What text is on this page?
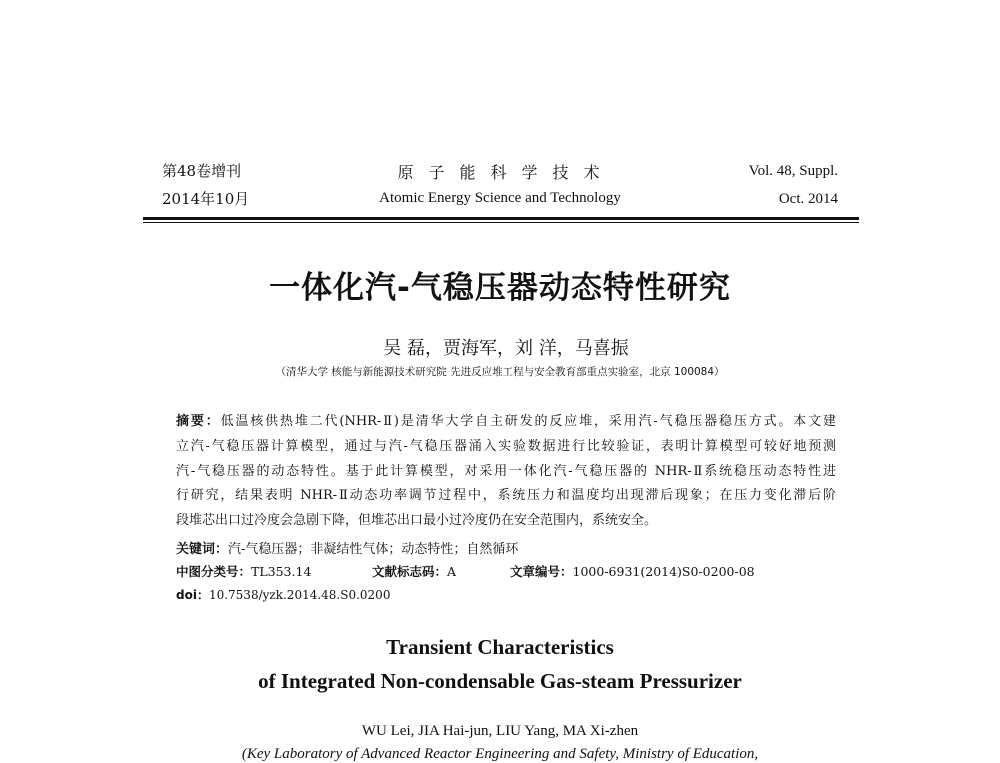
第48卷增刊
2014年10月
原子能科学技术
Atomic Energy Science and Technology
Vol. 48, Suppl.
Oct. 2014
一体化汽-气稳压器动态特性研究
吴 磊，贾海军，刘 洋，马喜振
（清华大学 核能与新能源技术研究院 先进反应堆工程与安全教育部重点实验室，北京 100084）
摘要：低温核供热堆二代(NHR-Ⅱ)是清华大学自主研发的反应堆，采用汽-气稳压器稳压方式。本文建
立汽-气稳压器计算模型，通过与汽-气稳压器涌入实验数据进行比较验证，表明计算模型可较好地预测
汽-气稳压器的动态特性。基于此计算模型，对采用一体化汽-气稳压器的 NHR-Ⅱ系统稳压动态特性进
行研究，结果表明 NHR-Ⅱ动态功率调节过程中，系统压力和温度均出现滞后现象；在压力变化滞后阶
段堆芯出口过冷度会急剧下降，但堆芯出口最小过冷度仍在安全范围内，系统安全。
关键词：汽-气稳压器；非凝结性气体；动态特性；自然循环
中图分类号：TL353.14	文献标志码：A	文章编号：1000-6931(2014)S0-0200-08
doi：10.7538/yzk.2014.48.S0.0200
Transient Characteristics
of Integrated Non-condensable Gas-steam Pressurizer
WU Lei, JIA Hai-jun, LIU Yang, MA Xi-zhen
(Key Laboratory of Advanced Reactor Engineering and Safety, Ministry of Education,
